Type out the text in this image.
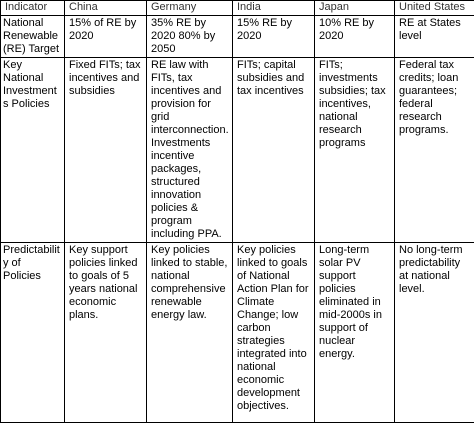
Indicator	China	Germany	India	Japan	United States
National Renewable (RE) Target	15% of RE by 2020	35% RE by 2020 80% by 2050	15% RE by 2020	10% RE by 2020	RE at States level
Key National Investments Policies	Fixed FITs; tax incentives and subsidies	RE law with FITs, tax incentives and provision for grid interconnection. Investments incentive packages, structured innovation policies & program including PPA.	FITs; capital subsidies and tax incentives	FITs; investments subsidies; tax incentives, national research programs	Federal tax credits; loan guarantees; federal research programs.
Predictability of Policies	Key support policies linked to goals of 5 years national economic plans.	Key policies linked to stable, national comprehensive renewable energy law.	Key policies linked to goals of National Action Plan for Climate Change; low carbon strategies integrated into national economic development objectives.	Long-term solar PV support policies eliminated in mid-2000s in support of nuclear energy.	No long-term predictability at national level.
